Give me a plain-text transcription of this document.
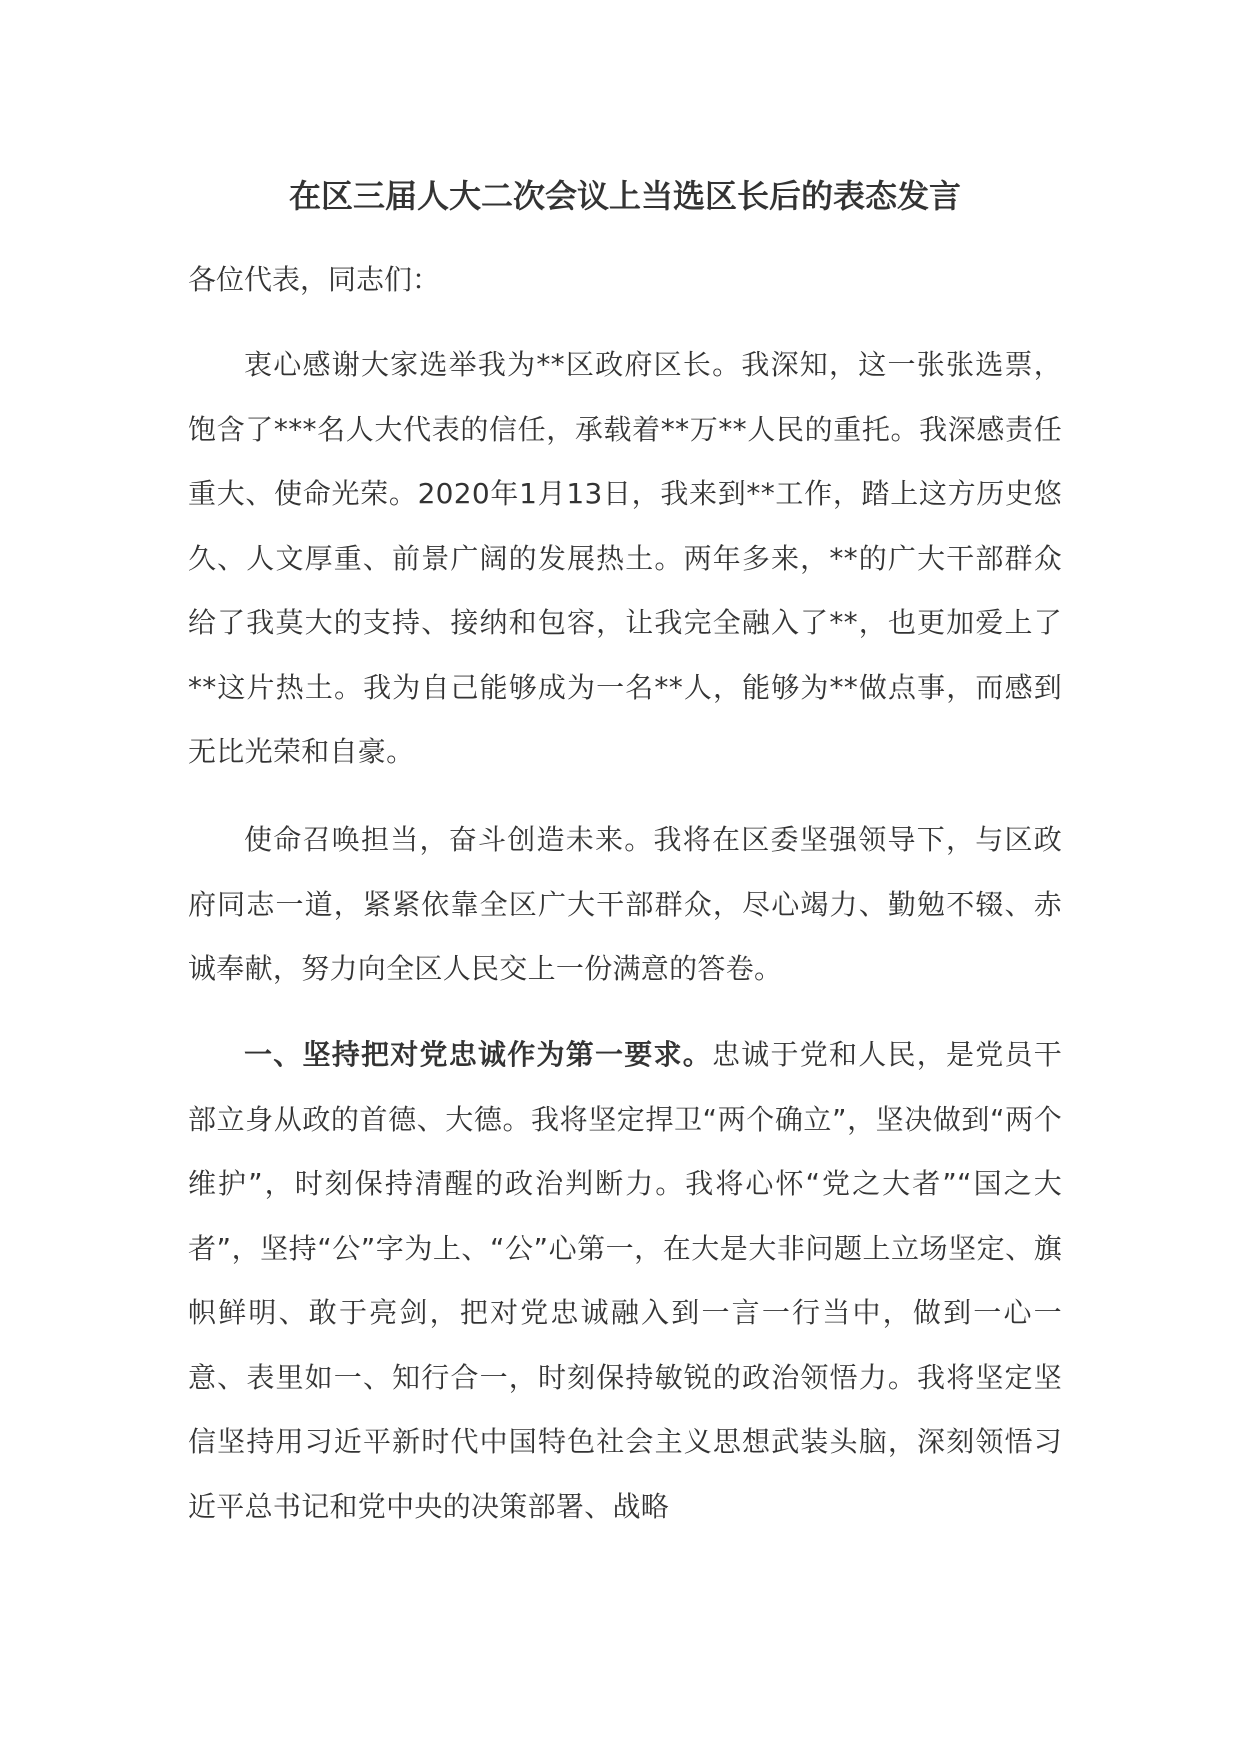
在区三届人大二次会议上当选区长后的表态发言
各位代表，同志们：

衷心感谢大家选举我为**区政府区长。我深知，这一张张选票，饱含了***名人大代表的信任，承载着**万**人民的重托。我深感责任重大、使命光荣。2020年1月13日，我来到**工作，踏上这方历史悠久、人文厚重、前景广阔的发展热土。两年多来，**的广大干部群众给了我莫大的支持、接纳和包容，让我完全融入了**，也更加爱上了**这片热土。我为自己能够成为一名**人，能够为**做点事，而感到无比光荣和自豪。

使命召唤担当，奋斗创造未来。我将在区委坚强领导下，与区政府同志一道，紧紧依靠全区广大干部群众，尽心竭力、勤勉不辍、赤诚奉献，努力向全区人民交上一份满意的答卷。

一、坚持把对党忠诚作为第一要求。忠诚于党和人民，是党员干部立身从政的首德、大德。我将坚定捍卫“两个确立”，坚决做到“两个维护”，时刻保持清醒的政治判断力。我将心怀“党之大者”“国之大者”，坚持“公”字为上、“公”心第一，在大是大非问题上立场坚定、旗帜鲜明、敢于亮剑，把对党忠诚融入到一言一行当中，做到一心一意、表里如一、知行合一，时刻保持敏锐的政治领悟力。我将坚定坚信坚持用习近平新时代中国特色社会主义思想武装头脑，深刻领悟习近平总书记和党中央的决策部署、战略
